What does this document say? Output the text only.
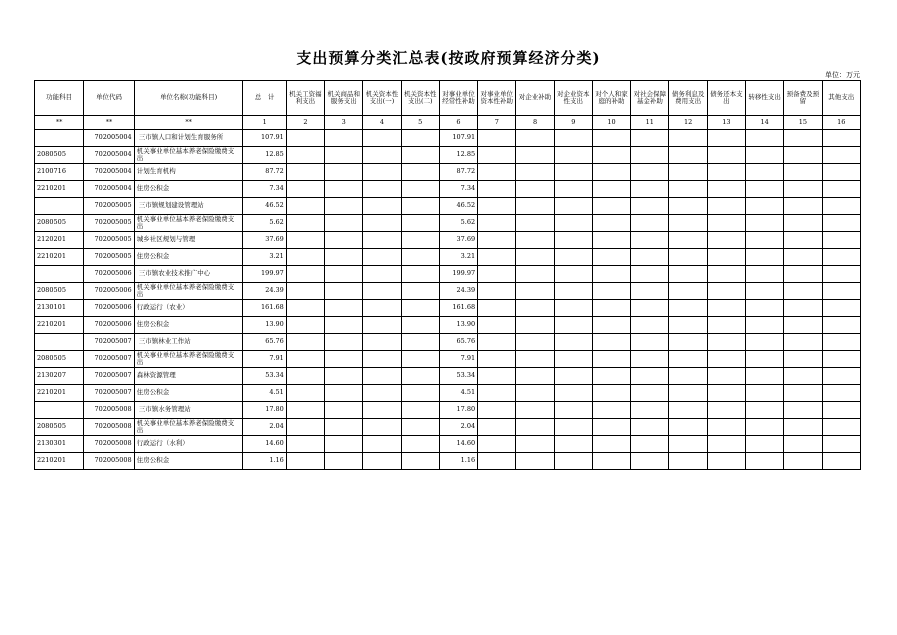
支出预算分类汇总表(按政府预算经济分类)
单位：万元
功能科目	单位代码	单位名称(功能科目)	总　计	机关工资福利支出	机关商品和服务支出	机关资本性支出(一)	机关资本性支出(二)	对事业单位经常性补助	对事业单位资本性补助	对企业补助	对企业资本性支出	对个人和家庭的补助	对社会保障基金补助	债务利息及费用支出	债务还本支出	转移性支出	预备费及预留	其他支出
**	**	**	1	2	3	4	5	6	7	8	9	10	11	12	13	14	15	16
	702005004	三市镇人口和计划生育服务所	107.91					107.91										
2080505	702005004	机关事业单位基本养老保险缴费支出	12.85					12.85										
2100716	702005004	计划生育机构	87.72					87.72										
2210201	702005004	住房公积金	7.34					7.34										
	702005005	三市镇规划建设管理站	46.52					46.52										
2080505	702005005	机关事业单位基本养老保险缴费支出	5.62					5.62										
2120201	702005005	城乡社区规划与管理	37.69					37.69										
2210201	702005005	住房公积金	3.21					3.21										
	702005006	三市镇农业技术推广中心	199.97					199.97										
2080505	702005006	机关事业单位基本养老保险缴费支出	24.39					24.39										
2130101	702005006	行政运行（农业）	161.68					161.68										
2210201	702005006	住房公积金	13.90					13.90										
	702005007	三市镇林业工作站	65.76					65.76										
2080505	702005007	机关事业单位基本养老保险缴费支出	7.91					7.91										
2130207	702005007	森林资源管理	53.34					53.34										
2210201	702005007	住房公积金	4.51					4.51										
	702005008	三市镇水务管理站	17.80					17.80										
2080505	702005008	机关事业单位基本养老保险缴费支出	2.04					2.04										
2130301	702005008	行政运行（水利）	14.60					14.60										
2210201	702005008	住房公积金	1.16					1.16										
